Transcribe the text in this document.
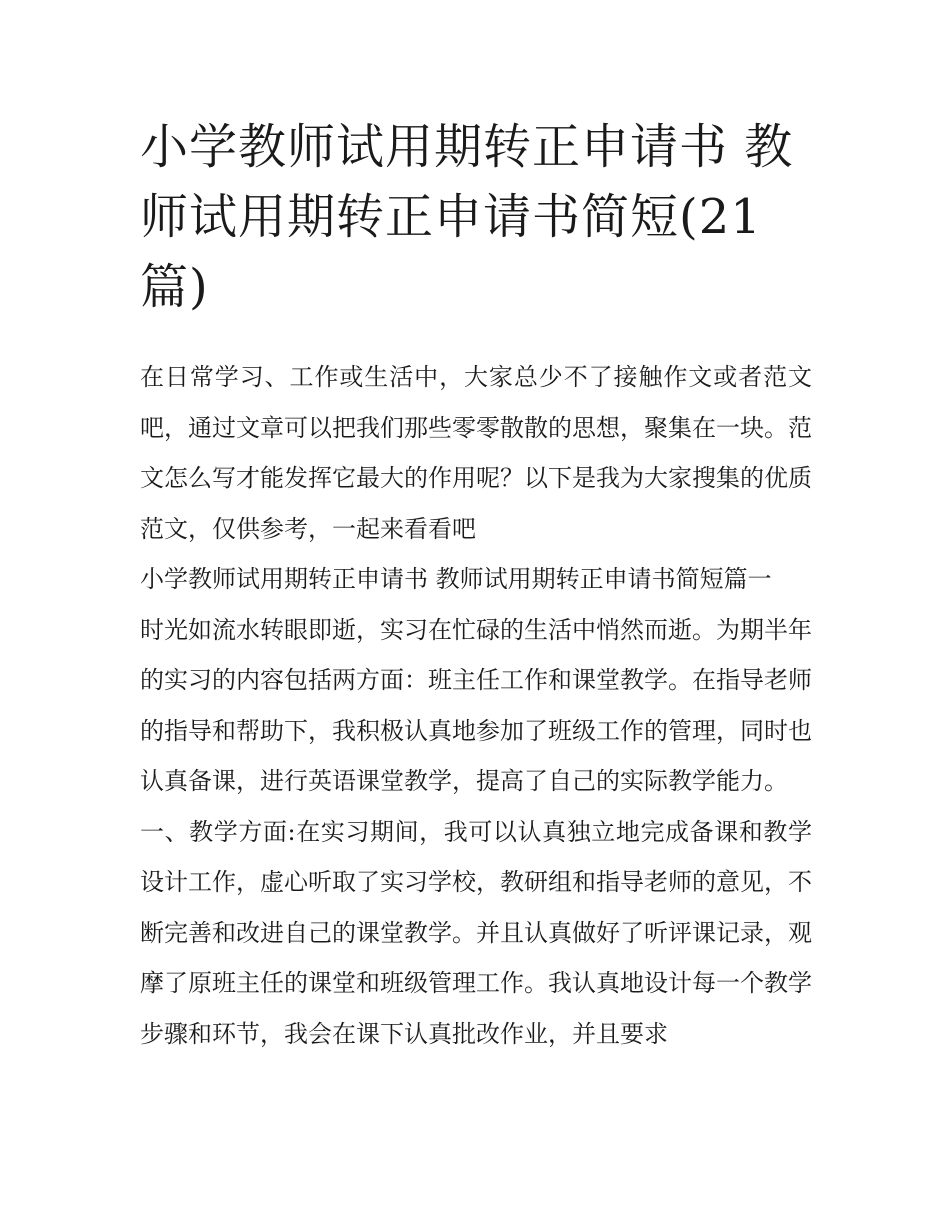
小学教师试用期转正申请书 教师试用期转正申请书简短(21篇)

在日常学习、工作或生活中，大家总少不了接触作文或者范文吧，通过文章可以把我们那些零零散散的思想，聚集在一块。范文怎么写才能发挥它最大的作用呢？以下是我为大家搜集的优质范文，仅供参考，一起来看看吧

小学教师试用期转正申请书 教师试用期转正申请书简短篇一

时光如流水转眼即逝，实习在忙碌的生活中悄然而逝。为期半年的实习的内容包括两方面：班主任工作和课堂教学。在指导老师的指导和帮助下，我积极认真地参加了班级工作的管理，同时也认真备课，进行英语课堂教学，提高了自己的实际教学能力。

一、教学方面:在实习期间，我可以认真独立地完成备课和教学设计工作，虚心听取了实习学校，教研组和指导老师的意见，不断完善和改进自己的课堂教学。并且认真做好了听评课记录，观摩了原班主任的课堂和班级管理工作。我认真地设计每一个教学步骤和环节，我会在课下认真批改作业，并且要求
